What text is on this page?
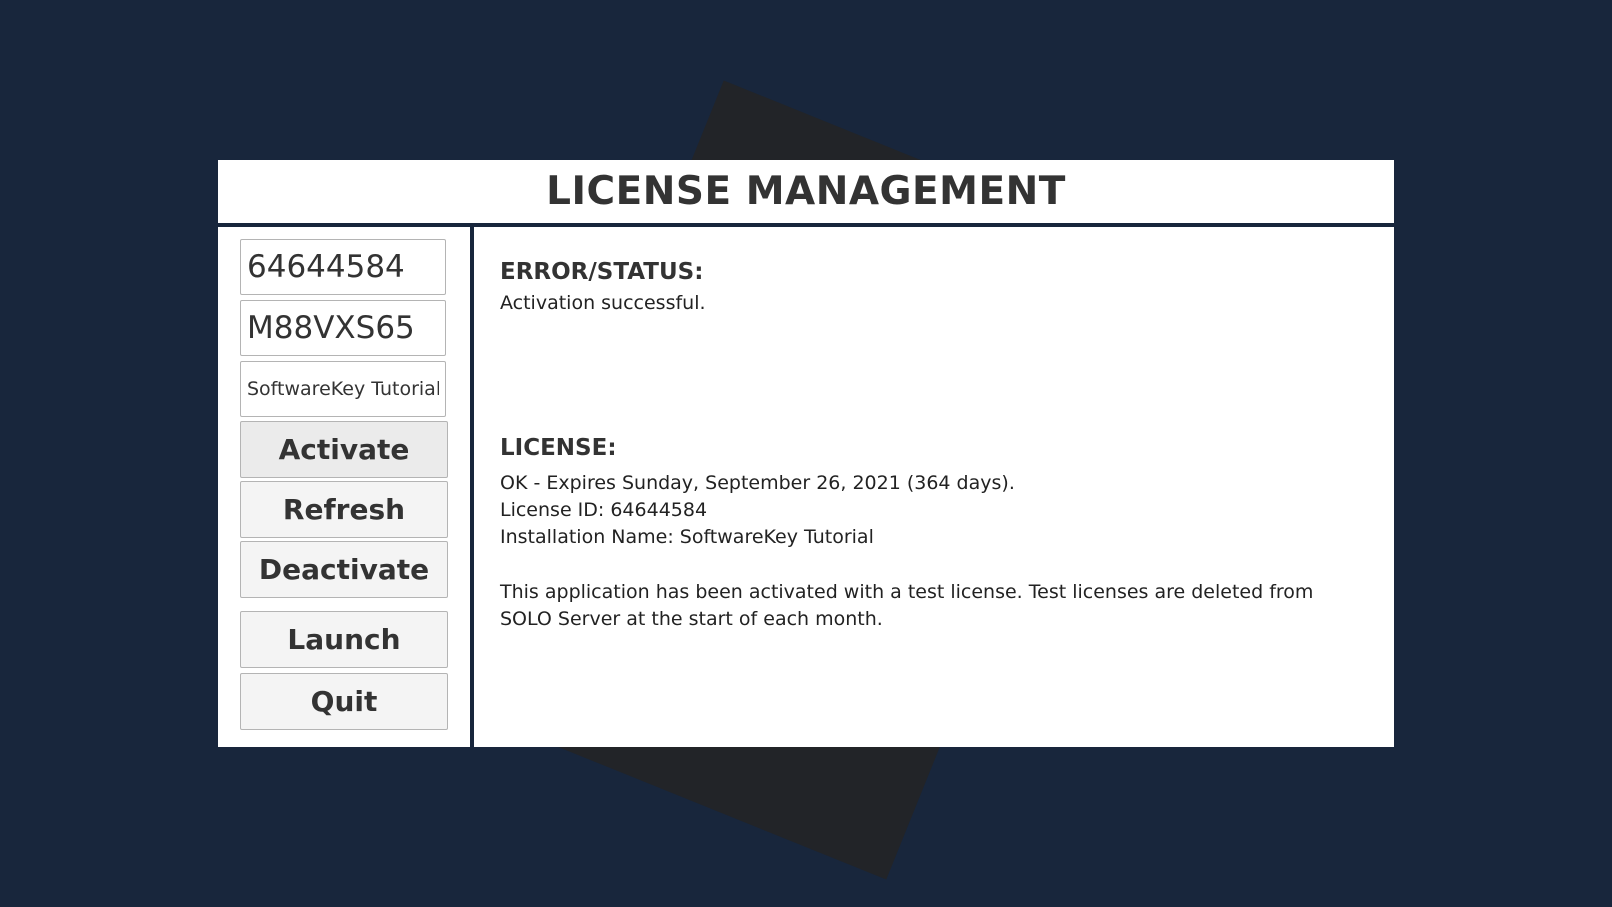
LICENSE MANAGEMENT
64644584
M88VXS65
SoftwareKey Tutorial
Activate
Refresh
Deactivate
Launch
Quit
ERROR/STATUS:
Activation successful.
LICENSE:
OK - Expires Sunday, September 26, 2021 (364 days).
License ID: 64644584
Installation Name: SoftwareKey Tutorial
This application has been activated with a test license. Test licenses are deleted from SOLO Server at the start of each month.
